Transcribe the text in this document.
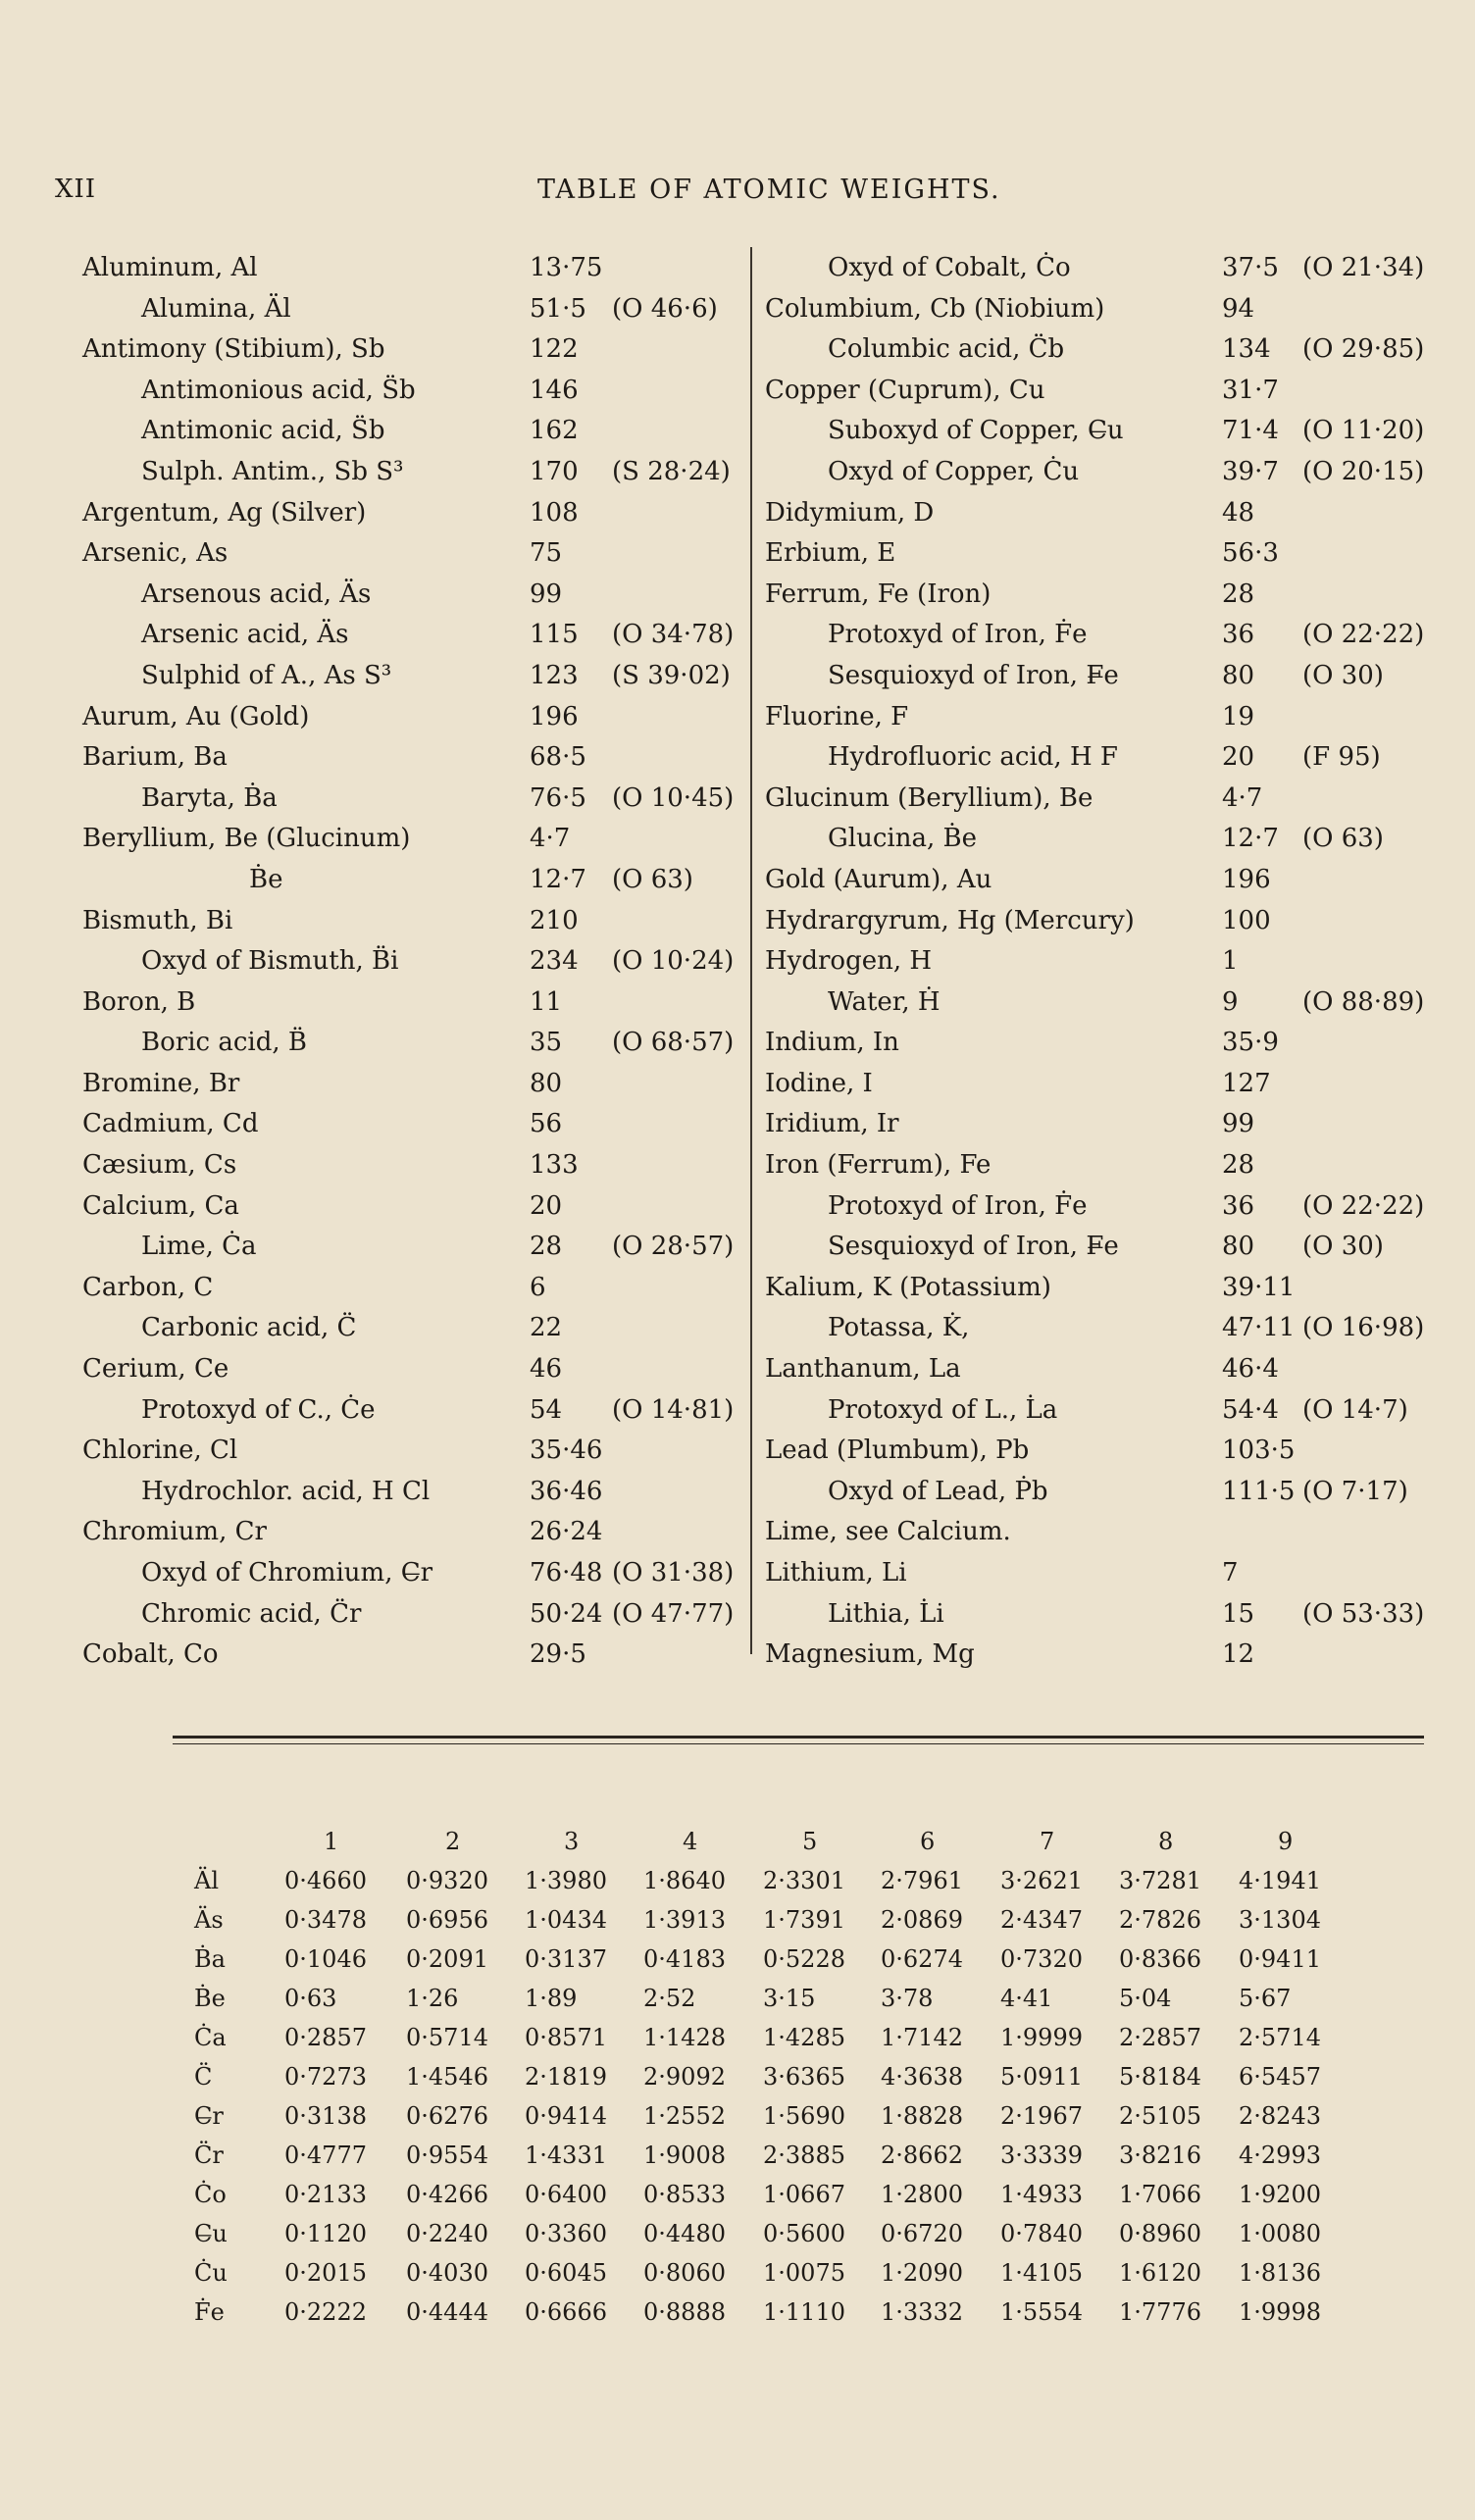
XII	TABLE OF ATOMIC WEIGHTS.
Aluminum, Al	13·75
Alumina, Äl	51·5 (O 46·6)
Antimony (Stibium), Sb	122
Antimonious acid, S̈b	146
Antimonic acid, S̈b	162
Sulph. Antim., Sb S³	170 (S 28·24)
Argentum, Ag (Silver)	108
Arsenic, As	75
Arsenous acid, Äs	99
Arsenic acid, Äs	115 (O 34·78)
Sulphid of A., As S³	123 (S 39·02)
Aurum, Au (Gold)	196
Barium, Ba	68·5
Baryta, Ḃa	76·5 (O 10·45)
Beryllium, Be (Glucinum)	4·7
Ḃe	12·7 (O 63)
Bismuth, Bi	210
Oxyd of Bismuth, B̈i	234 (O 10·24)
Boron, B	11
Boric acid, B̈	35 (O 68·57)
Bromine, Br	80
Cadmium, Cd	56
Cæsium, Cs	133
Calcium, Ca	20
Lime, Ċa	28 (O 28·57)
Carbon, C	6
Carbonic acid, C̈	22
Cerium, Ce	46
Protoxyd of C., Ċe	54 (O 14·81)
Chlorine, Cl	35·46
Hydrochlor. acid, H Cl	36·46
Chromium, Cr	26·24
Oxyd of Chromium, C̶r	76·48 (O 31·38)
Chromic acid, C̈r	50·24 (O 47·77)
Cobalt, Co	29·5
Oxyd of Cobalt, Ċo	37·5 (O 21·34)
Columbium, Cb (Niobium)	94
Columbic acid, C̈b	134 (O 29·85)
Copper (Cuprum), Cu	31·7
Suboxyd of Copper, C̶u	71·4 (O 11·20)
Oxyd of Copper, Ċu	39·7 (O 20·15)
Didymium, D	48
Erbium, E	56·3
Ferrum, Fe (Iron)	28
Protoxyd of Iron, Ḟe	36 (O 22·22)
Sesquioxyd of Iron, F̶e	80 (O 30)
Fluorine, F	19
Hydrofluoric acid, H F	20 (F 95)
Glucinum (Beryllium), Be	4·7
Glucina, Ḃe	12·7 (O 63)
Gold (Aurum), Au	196
Hydrargyrum, Hg (Mercury)	100
Hydrogen, H	1
Water, Ḣ	9	(O 88·89)
Indium, In	35·9
Iodine, I	127
Iridium, Ir	99
Iron (Ferrum), Fe	28
Protoxyd of Iron, Ḟe	36 (O 22·22)
Sesquioxyd of Iron, F̶e	80 (O 30)
Kalium, K (Potassium)	39·11
Potassa, K̇,	47·11 (O 16·98)
Lanthanum, La	46·4
Protoxyd of L., L̇a	54·4 (O 14·7)
Lead (Plumbum), Pb	103·5
Oxyd of Lead, Ṗb	111·5 (O 7·17)
Lime, see Calcium.
Lithium, Li	7
Lithia, L̇i	15 (O 53·33)
Magnesium, Mg	12
1	2	3	4	5	6	7	8	9
Äl	0·4660 0·9320 1·3980 1·8640 2·3301 2·7961 3·2621 3·7281 4·1941
Äs	0·3478 0·6956 1·0434 1·3913 1·7391 2·0869 2·4347 2·7826 3·1304
Ḃa	0·1046 0·2091 0·3137 0·4183 0·5228 0·6274 0·7320 0·8366 0·9411
Ḃe	0·63	1·26	1·89	2·52	3·15	3·78	4·41	5·04	5·67
Ċa 0·2857 0·5714 0·8571 1·1428 1·4285 1·7142 1·9999 2·2857 2·5714
C̈	0·7273 1·4546 2·1819 2·9092 3·6365 4·3638 5·0911 5·8184 6·5457
C̶r	0·3138 0·6276 0·9414 1·2552 1·5690 1·8828 2·1967 2·5105 2·8243
C̈r	0·4777 0·9554 1·4331 1·9008 2·3885 2·8662 3·3339 3·8216 4·2993
Ċo 0·2133 0·4266 0·6400 0·8533 1·0667 1·2800 1·4933 1·7066 1·9200
C̶u 0·1120 0·2240 0·3360 0·4480 0·5600 0·6720 0·7840 0·8960 1·0080
Ċu 0·2015 0·4030 0·6045 0·8060 1·0075 1·2090 1·4105 1·6120 1·8136
Ḟe	0·2222 0·4444 0·6666 0·8888 1·1110 1·3332 1·5554 1·7776 1·9998
